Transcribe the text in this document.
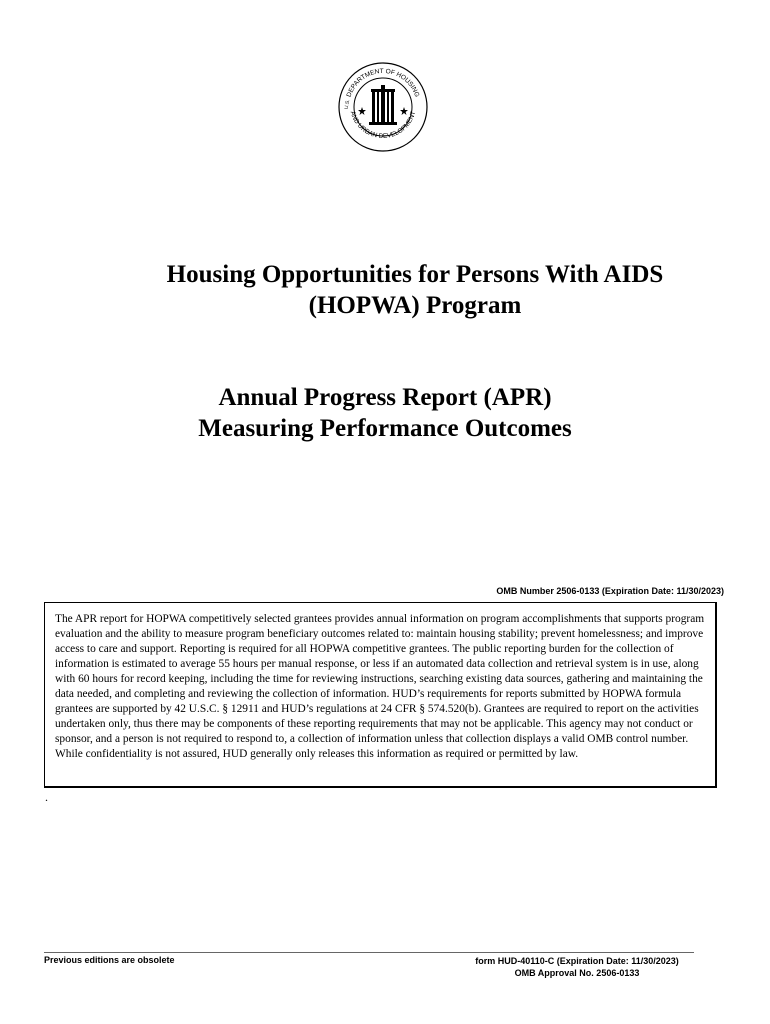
DEPARTMENT OF HOUSING
AND URBAN DEVELOPMENT
U.S.
Housing Opportunities for Persons With AIDS
(HOPWA) Program
Annual Progress Report (APR)
Measuring Performance Outcomes
OMB Number 2506-0133 (Expiration Date: 11/30/2023)

The APR report for HOPWA competitively selected grantees provides annual information on program accomplishments that supports program evaluation and the ability to measure program beneficiary outcomes related to: maintain housing stability; prevent homelessness; and improve access to care and support. Reporting is required for all HOPWA competitive grantees. The public reporting burden for the collection of information is estimated to average 55 hours per manual response, or less if an automated data collection and retrieval system is in use, along with 60 hours for record keeping, including the time for reviewing instructions, searching existing data sources, gathering and maintaining the data needed, and completing and reviewing the collection of information. HUD’s requirements for reports submitted by HOPWA formula grantees are supported by 42 U.S.C. § 12911 and HUD’s regulations at 24 CFR § 574.520(b). Grantees are required to report on the activities undertaken only, thus there may be components of these reporting requirements that may not be applicable. This agency may not conduct or sponsor, and a person is not required to respond to, a collection of information unless that collection displays a valid OMB control number. While confidentiality is not assured, HUD generally only releases this information as required or permitted by law.

.
Previous editions are obsolete	form HUD-40110-C (Expiration Date: 11/30/2023)
OMB Approval No. 2506-0133
